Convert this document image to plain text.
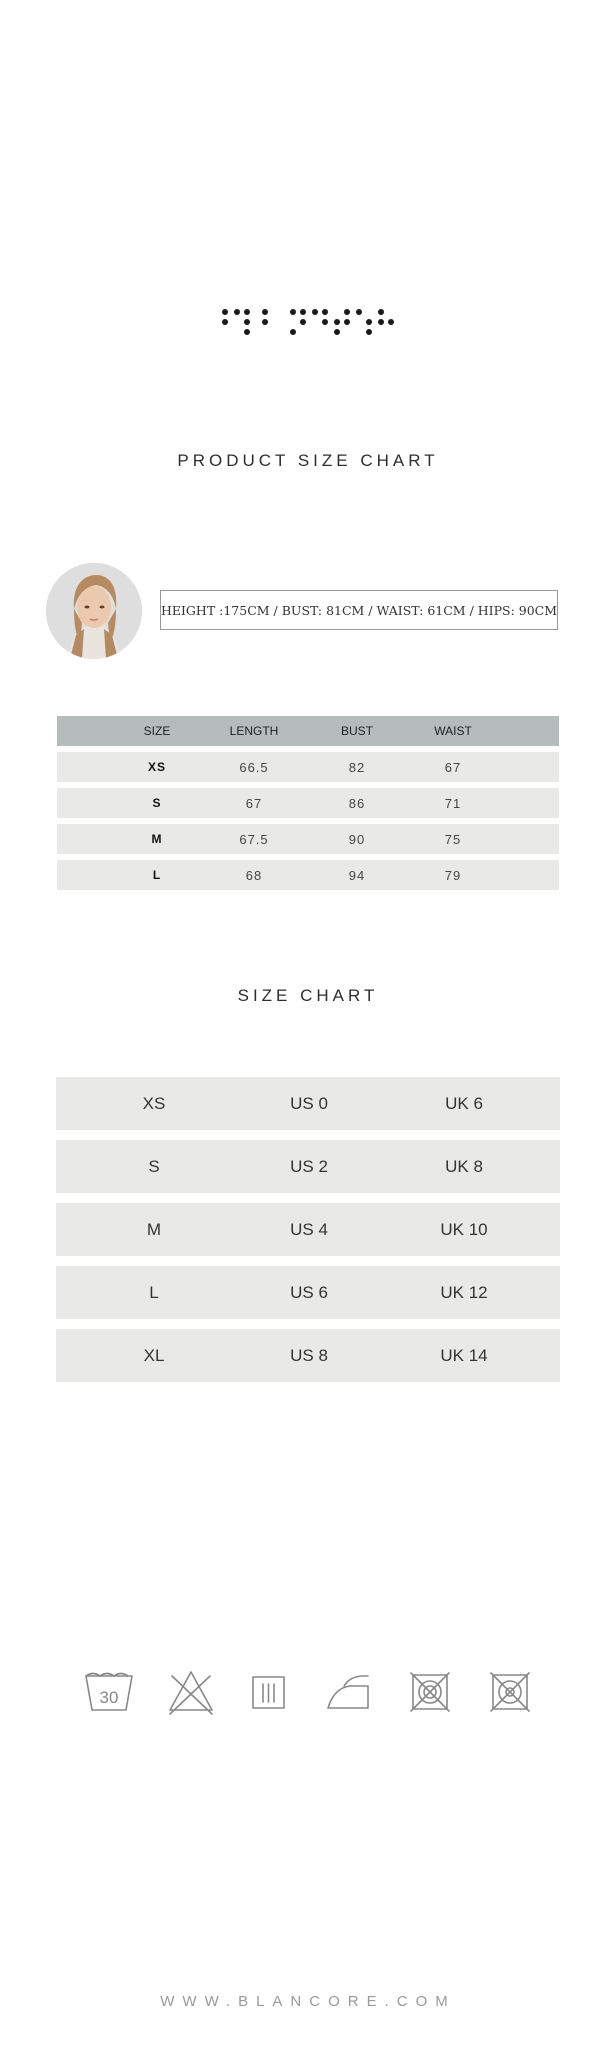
PRODUCT SIZE CHART
HEIGHT :175CM / BUST: 81CM / WAIST: 61CM / HIPS: 90CM
SIZE	LENGTH	BUST	WAIST
XS	66.5	82	67
S	67	86	71
M	67.5	90	75
L	68	94	79
SIZE CHART
XS	US 0	UK 6
S	US 2	UK 8
M	US 4	UK 10
L	US 6	UK 12
XL	US 8	UK 14
30
WWW.BLANCORE.COM
